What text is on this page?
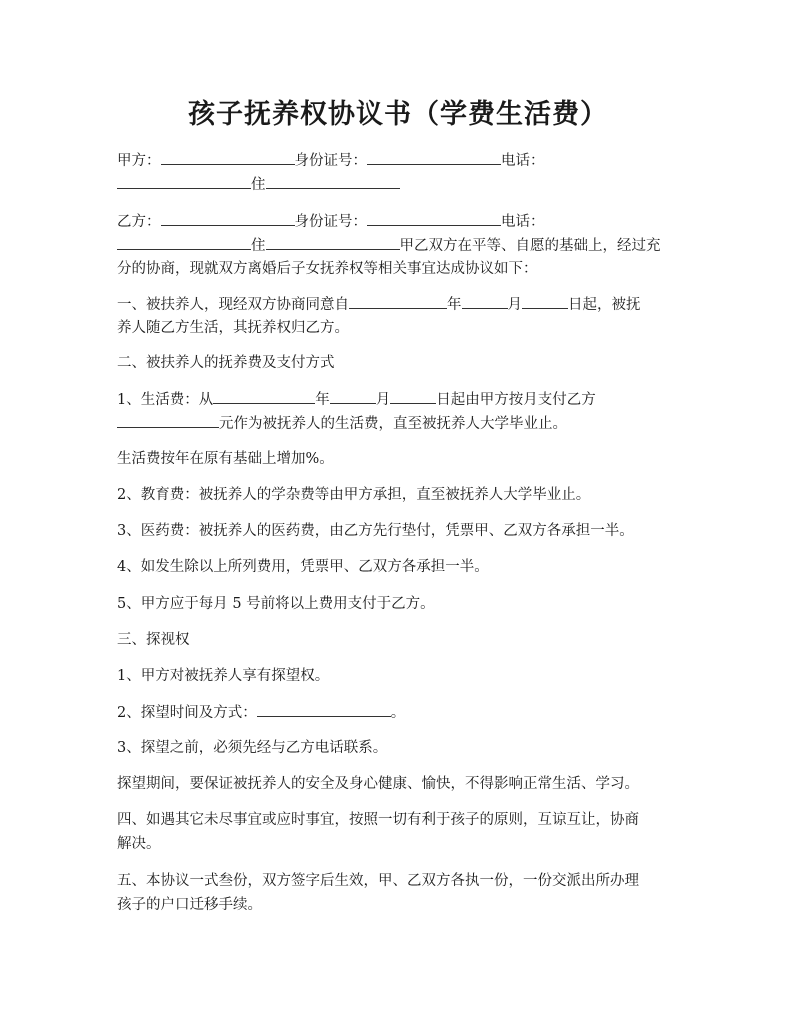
孩子抚养权协议书（学费生活费）
甲方：	身份证号：	电话：
住
乙方：	身份证号：	电话：
住	甲乙双方在平等、自愿的基础上，经过充
分的协商，现就双方离婚后子女抚养权等相关事宜达成协议如下：
一、被扶养人，现经双方协商同意自	年	月	日起，被抚
养人随乙方生活，其抚养权归乙方。
二、被扶养人的抚养费及支付方式
1、生活费：从	年	月	日起由甲方按月支付乙方
元作为被抚养人的生活费，直至被抚养人大学毕业止。
生活费按年在原有基础上增加%。
2、教育费：被抚养人的学杂费等由甲方承担，直至被抚养人大学毕业止。
3、医药费：被抚养人的医药费，由乙方先行垫付，凭票甲、乙双方各承担一半。
4、如发生除以上所列费用，凭票甲、乙双方各承担一半。
5、甲方应于每月 5 号前将以上费用支付于乙方。
三、探视权
1、甲方对被抚养人享有探望权。
2、探望时间及方式：	。
3、探望之前，必须先经与乙方电话联系。
探望期间，要保证被抚养人的安全及身心健康、愉快，不得影响正常生活、学习。
四、如遇其它未尽事宜或应时事宜，按照一切有利于孩子的原则，互谅互让，协商
解决。
五、本协议一式叁份，双方签字后生效，甲、乙双方各执一份，一份交派出所办理
孩子的户口迁移手续。
